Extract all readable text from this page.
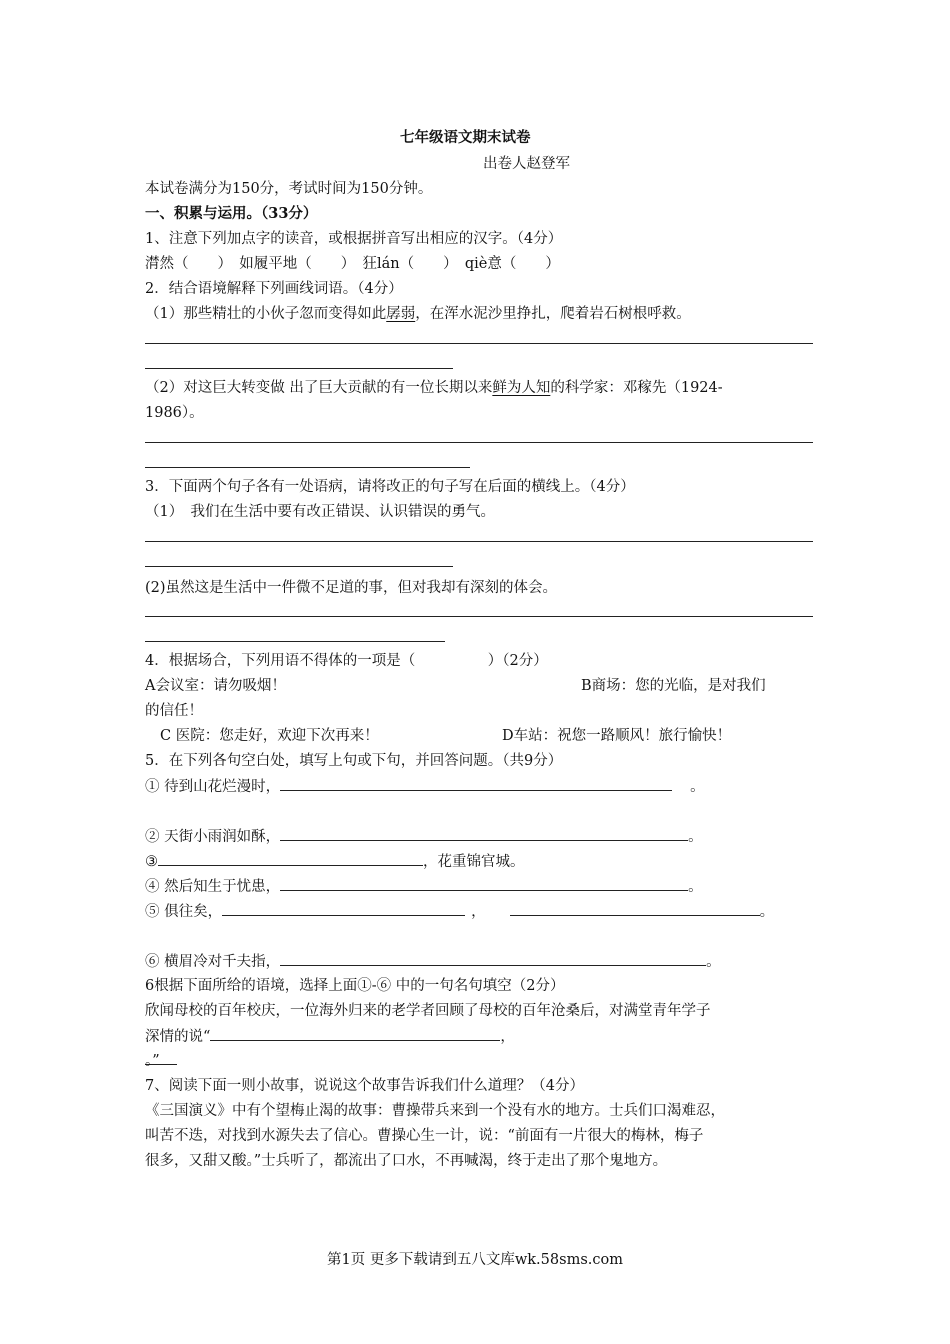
七年级语文期末试卷
出卷人赵登军
本试卷满分为150分，考试时间为150分钟。
一、积累与运用。（33分）
1、注意下列加点字的读音，或根据拼音写出相应的汉字。（4分）
潸然（　　）　如履平地（　　）　狂lán（　　）　qiè意（　　）
2．结合语境解释下列画线词语。（4分）
（1）那些精壮的小伙子忽而变得如此孱弱，在浑水泥沙里挣扎，爬着岩石树根呼救。
（2）对这巨大转变做 出了巨大贡献的有一位长期以来鲜为人知的科学家：邓稼先（1924-
1986）。
3．下面两个句子各有一处语病，请将改正的句子写在后面的横线上。（4分）
（1）　我们在生活中要有改正错误、认识错误的勇气。
(2)虽然这是生活中一件微不足道的事，但对我却有深刻的体会。
4．根据场合，下列用语不得体的一项是（　　　　　）（2分）
A会议室：请勿吸烟！	B商场：您的光临，是对我们
的信任！
C 医院：您走好，欢迎下次再来！	D车站：祝您一路顺风！旅行愉快！
5．在下列各句空白处，填写上句或下句，并回答问题。（共9分）
① 待到山花烂漫时，	。
② 天街小雨润如酥，	。
③	，花重锦官城。
④ 然后知生于忧患，	。
⑤ 俱往矣，	，	。
⑥ 横眉冷对千夫指，	。
6根据下面所给的语境，选择上面①-⑥ 中的一句名句填空（2分）
欣闻母校的百年校庆，一位海外归来的老学者回顾了母校的百年沧桑后，对满堂青年学子
深情的说“	，
。”
7、阅读下面一则小故事，说说这个故事告诉我们什么道理？（4分）
《三国演义》中有个望梅止渴的故事：曹操带兵来到一个没有水的地方。士兵们口渴难忍，
叫苦不迭，对找到水源失去了信心。曹操心生一计，说：“前面有一片很大的梅林，梅子
很多，又甜又酸。”士兵听了，都流出了口水，不再喊渴，终于走出了那个鬼地方。
第1页 更多下载请到五八文库wk.58sms.com
